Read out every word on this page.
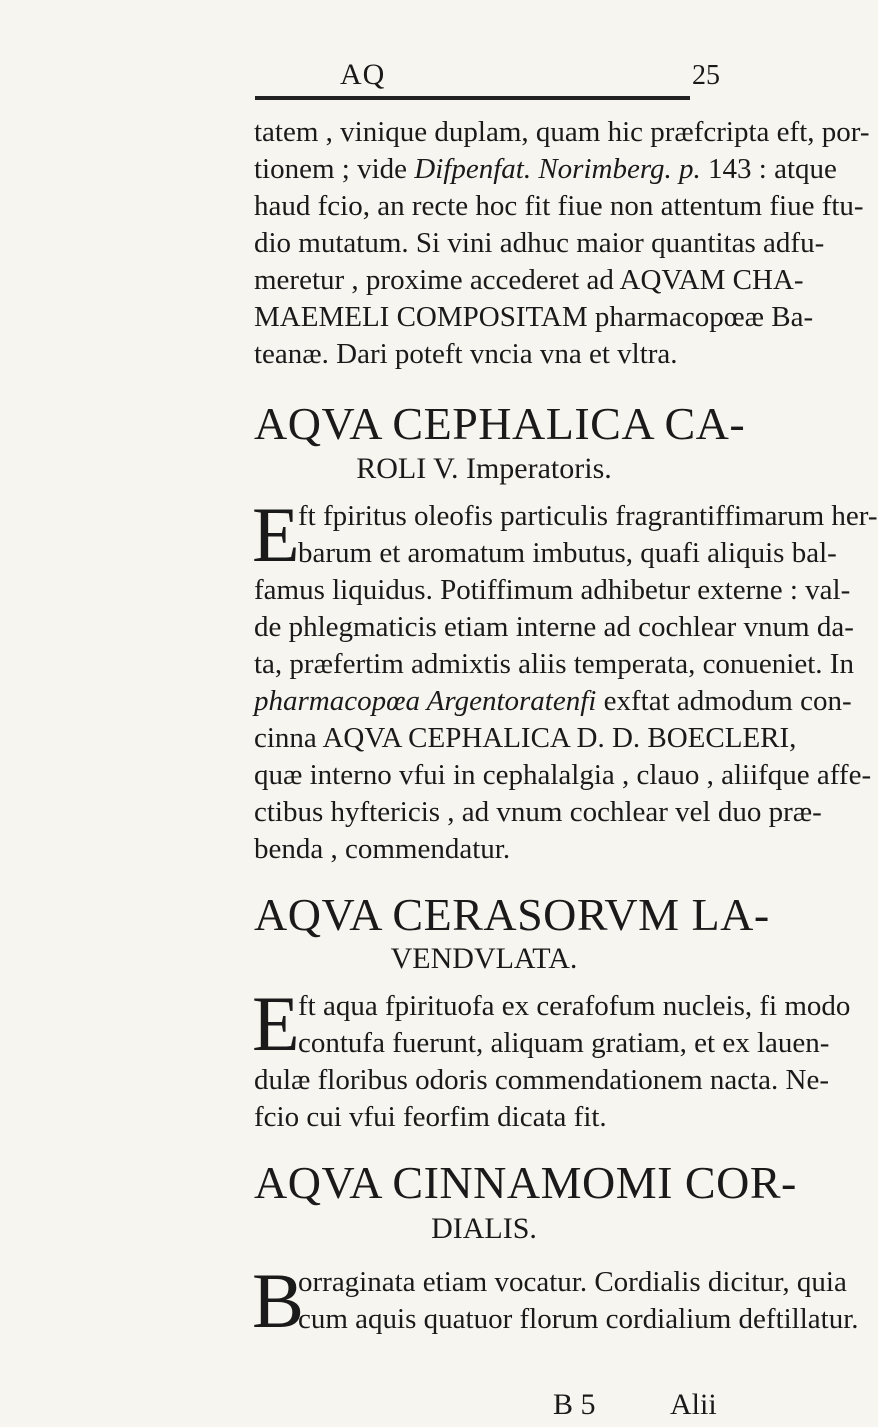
AQ	25
tatem , vinique duplam, quam hic præfcripta eft, por-
tionem ; vide Difpenfat. Norimberg. p. 143 : atque
haud fcio, an recte hoc fit fiue non attentum fiue ftu-
dio mutatum. Si vini adhuc maior quantitas adfu-
meretur , proxime accederet ad AQVAM CHA-
MAEMELI COMPOSITAM pharmacopœæ Ba-
teanæ. Dari poteft vncia vna et vltra.
AQVA CEPHALICA CA-
ROLI V. Imperatoris.
E
ft fpiritus oleofis particulis fragrantiffimarum her-
barum et aromatum imbutus, quafi aliquis bal-
famus liquidus. Potiffimum adhibetur externe : val-
de phlegmaticis etiam interne ad cochlear vnum da-
ta, præfertim admixtis aliis temperata, conueniet. In
pharmacopœa Argentoratenfi exftat admodum con-
cinna AQVA CEPHALICA D. D. BOECLERI,
quæ interno vfui in cephalalgia , clauo , aliifque affe-
ctibus hyftericis , ad vnum cochlear vel duo præ-
benda , commendatur.
AQVA CERASORVM LA-
VENDVLATA.
E
ft aqua fpirituofa ex cerafofum nucleis, fi modo
contufa fuerunt, aliquam gratiam, et ex lauen-
dulæ floribus odoris commendationem nacta. Ne-
fcio cui vfui feorfim dicata fit.
AQVA CINNAMOMI COR-
DIALIS.
B
orraginata etiam vocatur. Cordialis dicitur, quia
cum aquis quatuor florum cordialium deftillatur.
B 5 Alii
